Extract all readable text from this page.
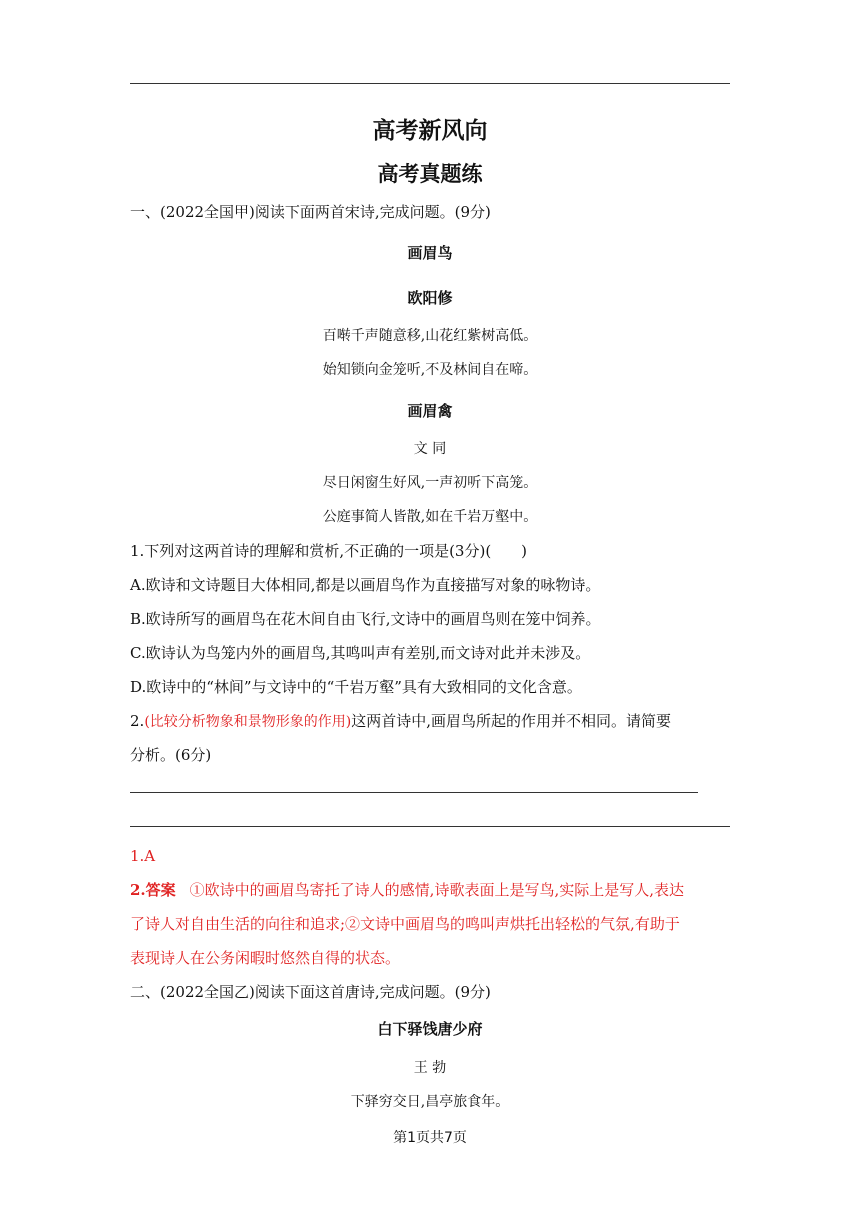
高考新风向
高考真题练
一、(2022全国甲)阅读下面两首宋诗,完成问题。(9分)
画眉鸟
欧阳修
百啭千声随意移,山花红紫树高低。
始知锁向金笼听,不及林间自在啼。
画眉禽
文 同
尽日闲窗生好风,一声初听下高笼。
公庭事简人皆散,如在千岩万壑中。
1.下列对这两首诗的理解和赏析,不正确的一项是(3分)(　　)
A.欧诗和文诗题目大体相同,都是以画眉鸟作为直接描写对象的咏物诗。
B.欧诗所写的画眉鸟在花木间自由飞行,文诗中的画眉鸟则在笼中饲养。
C.欧诗认为鸟笼内外的画眉鸟,其鸣叫声有差别,而文诗对此并未涉及。
D.欧诗中的“林间”与文诗中的“千岩万壑”具有大致相同的文化含意。
2.(比较分析物象和景物形象的作用)这两首诗中,画眉鸟所起的作用并不相同。请简要
分析。(6分)
1.A
2.答案 ①欧诗中的画眉鸟寄托了诗人的感情,诗歌表面上是写鸟,实际上是写人,表达
了诗人对自由生活的向往和追求;②文诗中画眉鸟的鸣叫声烘托出轻松的气氛,有助于
表现诗人在公务闲暇时悠然自得的状态。
二、(2022全国乙)阅读下面这首唐诗,完成问题。(9分)
白下驿饯唐少府
王 勃
下驿穷交日,昌亭旅食年。
第1页共7页
